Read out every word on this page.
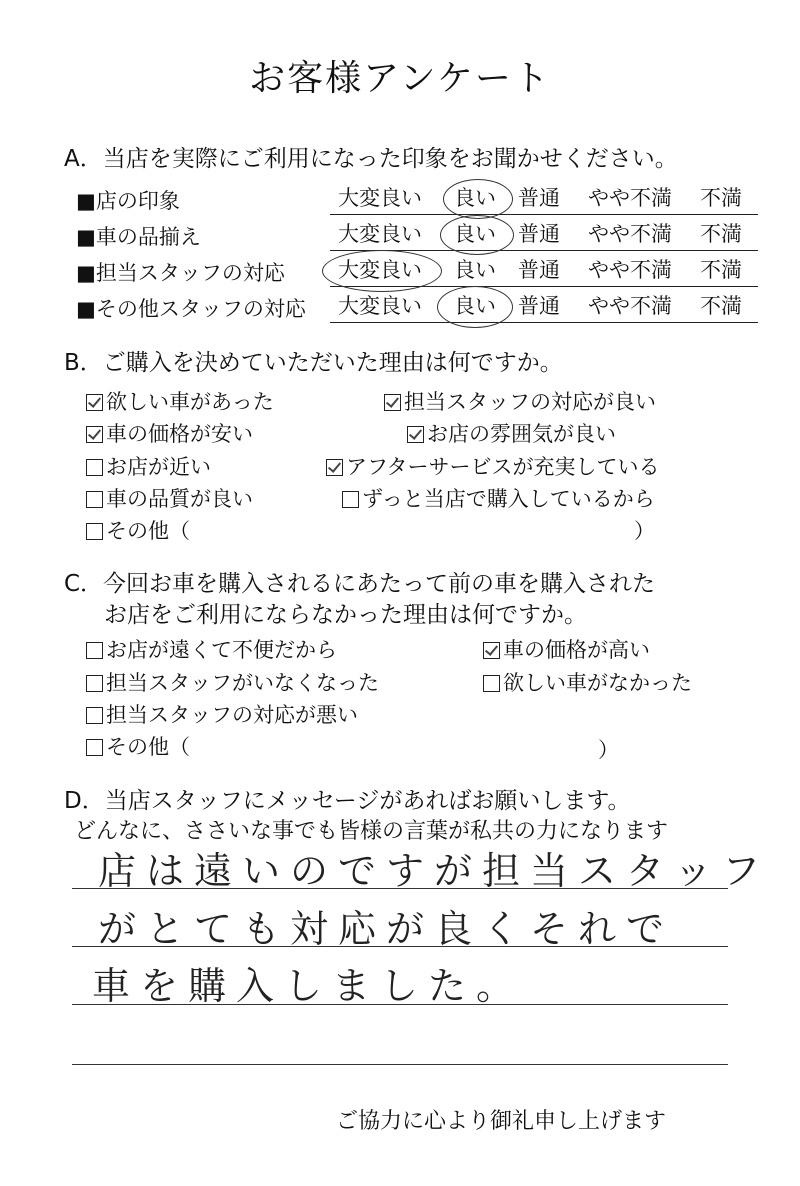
お客様アンケート
A．当店を実際にご利用になった印象をお聞かせください。
■店の印象	大変良い 良い 普通 やや不満 不満
■車の品揃え	大変良い 良い 普通 やや不満 不満
■担当スタッフの対応	大変良い 良い 普通 やや不満 不満
■その他スタッフの対応 大変良い 良い 普通 やや不満 不満
B．ご購入を決めていただいた理由は何ですか。
欲しい車があった	担当スタッフの対応が良い
車の価格が安い	お店の雰囲気が良い
お店が近い	アフターサービスが充実している
車の品質が良い	ずっと当店で購入しているから
その他（	）
C．今回お車を購入されるにあたって前の車を購入された
お店をご利用にならなかった理由は何ですか。
お店が遠くて不便だから	車の価格が高い
担当スタッフがいなくなった	欲しい車がなかった
担当スタッフの対応が悪い
その他（	）
D．当店スタッフにメッセージがあればお願いします。
どんなに、ささいな事でも皆様の言葉が私共の力になります
店は遠いのですが担当スタッフ
がとても対応が良くそれで
車を購入しました。
ご協力に心より御礼申し上げます
